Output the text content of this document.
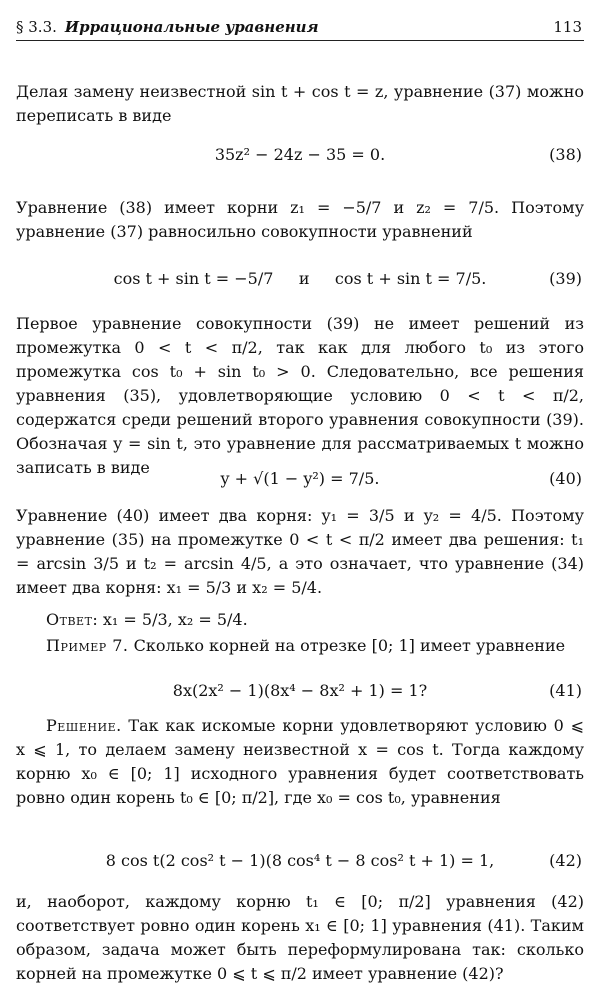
§ 3.3. Иррациональные уравнения	113
Делая замену неизвестной sin t + cos t = z, уравнение (37) можно переписать в виде
35z² − 24z − 35 = 0.	(38)
Уравнение (38) имеет корни z₁ = −5/7 и z₂ = 7/5. Поэтому уравнение (37) равносильно совокупности уравнений
cos t + sin t = −5/7     и     cos t + sin t = 7/5.	(39)
Первое уравнение совокупности (39) не имеет решений из промежутка 0 < t < π/2, так как для любого t₀ из этого промежутка cos t₀ + sin t₀ > 0. Следовательно, все решения уравнения (35), удовлетворяющие условию 0 < t < π/2, содержатся среди решений второго уравнения совокупности (39). Обозначая y = sin t, это уравнение для рассматриваемых t можно записать в виде
y + √(1 − y²) = 7/5.	(40)
Уравнение (40) имеет два корня: y₁ = 3/5 и y₂ = 4/5. Поэтому уравнение (35) на промежутке 0 < t < π/2 имеет два решения: t₁ = arcsin 3/5 и t₂ = arcsin 4/5, а это означает, что уравнение (34) имеет два корня: x₁ = 5/3 и x₂ = 5/4.
Ответ: x₁ = 5/3, x₂ = 5/4.
Пример 7. Сколько корней на отрезке [0; 1] имеет уравнение
8x(2x² − 1)(8x⁴ − 8x² + 1) = 1?	(41)
Решение. Так как искомые корни удовлетворяют условию 0 ⩽ x ⩽ 1, то делаем замену неизвестной x = cos t. Тогда каждому корню x₀ ∈ [0; 1] исходного уравнения будет соответствовать ровно один корень t₀ ∈ [0; π/2], где x₀ = cos t₀, уравнения
8 cos t(2 cos² t − 1)(8 cos⁴ t − 8 cos² t + 1) = 1,	(42)
и, наоборот, каждому корню t₁ ∈ [0; π/2] уравнения (42) соответствует ровно один корень x₁ ∈ [0; 1] уравнения (41). Таким образом, задача может быть переформулирована так: сколько корней на промежутке 0 ⩽ t ⩽ π/2 имеет уравнение (42)?
